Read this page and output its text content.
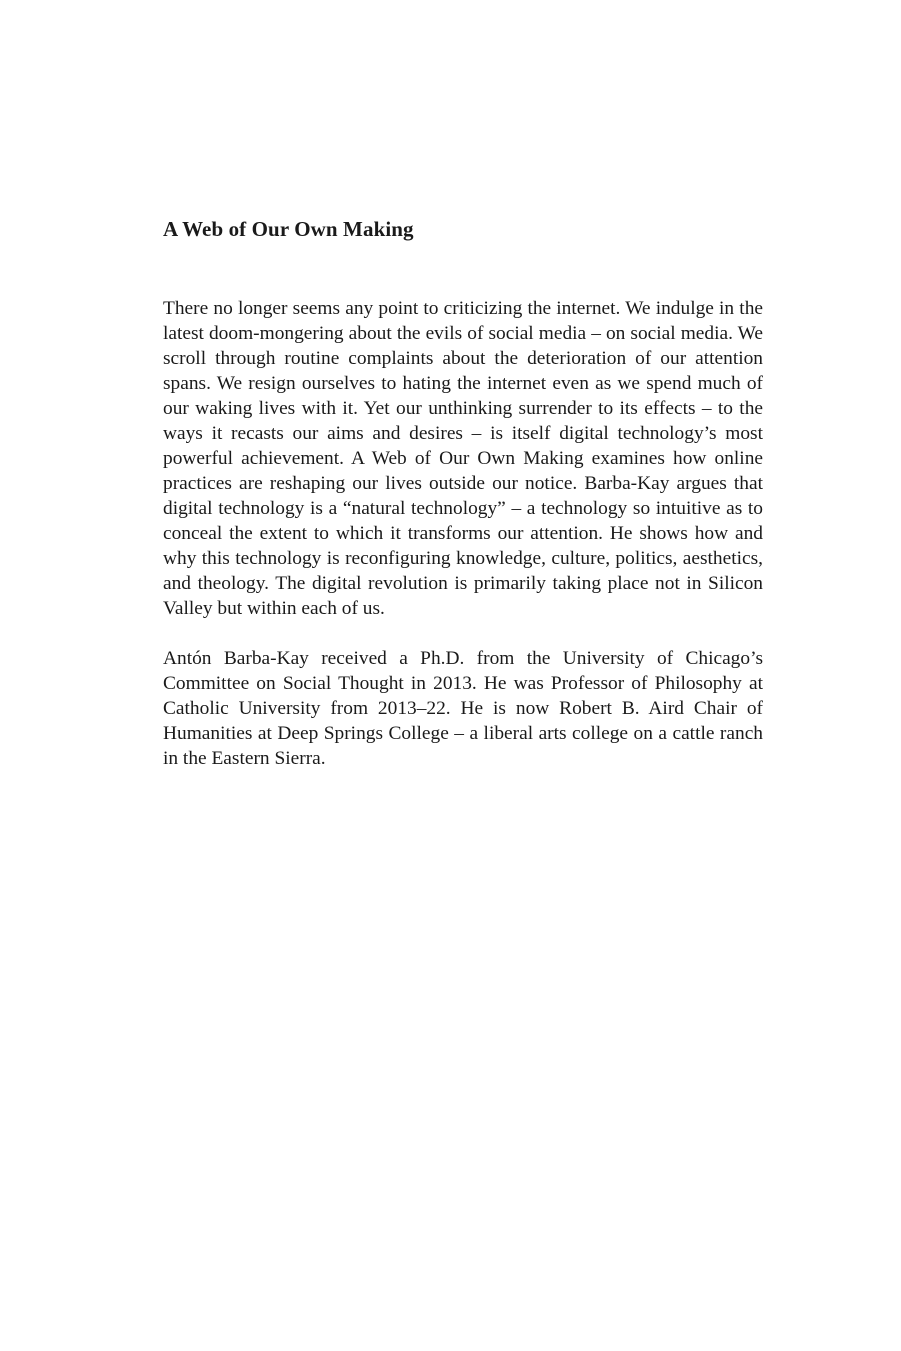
A Web of Our Own Making

There no longer seems any point to criticizing the internet. We indulge in the latest doom-mongering about the evils of social media – on social media. We scroll through routine complaints about the deterioration of our attention spans. We resign ourselves to hating the internet even as we spend much of our waking lives with it. Yet our unthinking surrender to its effects – to the ways it recasts our aims and desires – is itself digital technology’s most powerful achievement. A Web of Our Own Making examines how online practices are reshaping our lives outside our notice. Barba-Kay argues that digital technology is a “natural technology” – a technology so intuitive as to conceal the extent to which it transforms our attention. He shows how and why this technology is reconfiguring knowledge, culture, politics, aesthetics, and theology. The digital revolution is primarily taking place not in Silicon Valley but within each of us.

Antón Barba-Kay received a Ph.D. from the University of Chicago’s Committee on Social Thought in 2013. He was Professor of Philosophy at Catholic University from 2013–22. He is now Robert B. Aird Chair of Humanities at Deep Springs College – a liberal arts college on a cattle ranch in the Eastern Sierra.
